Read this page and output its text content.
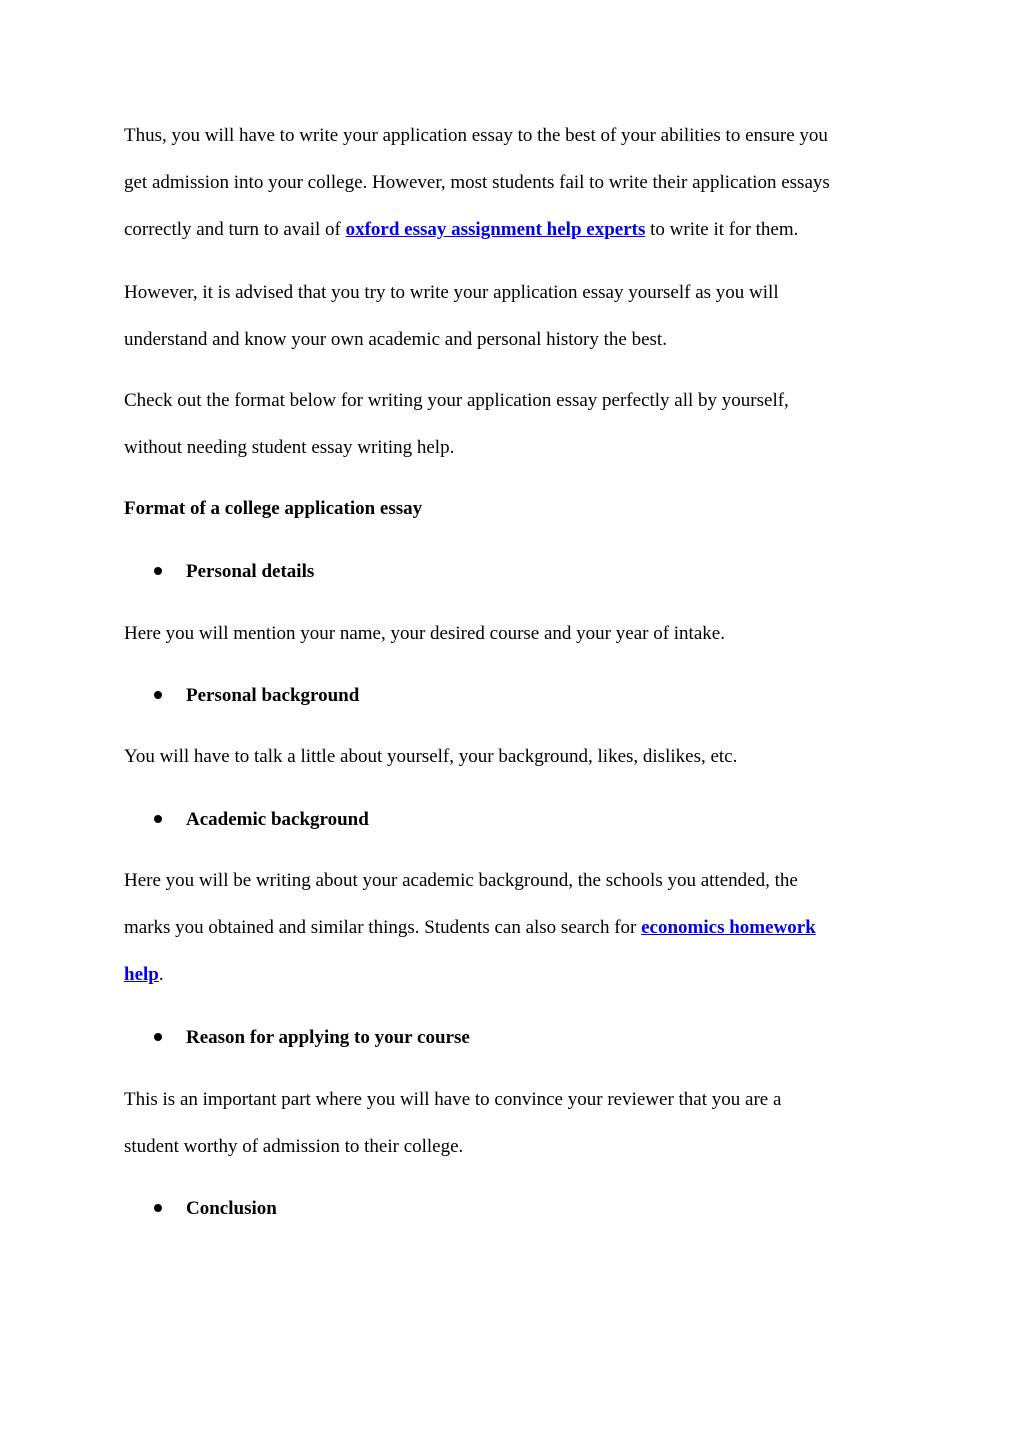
Thus, you will have to write your application essay to the best of your abilities to ensure you

get admission into your college. However, most students fail to write their application essays

correctly and turn to avail of oxford essay assignment help experts to write it for them.

However, it is advised that you try to write your application essay yourself as you will

understand and know your own academic and personal history the best.

Check out the format below for writing your application essay perfectly all by yourself,

without needing student essay writing help.

Format of a college application essay
Personal details

Here you will mention your name, your desired course and your year of intake.

Personal background

You will have to talk a little about yourself, your background, likes, dislikes, etc.

Academic background

Here you will be writing about your academic background, the schools you attended, the

marks you obtained and similar things. Students can also search for economics homework

help.

Reason for applying to your course

This is an important part where you will have to convince your reviewer that you are a

student worthy of admission to their college.

Conclusion
